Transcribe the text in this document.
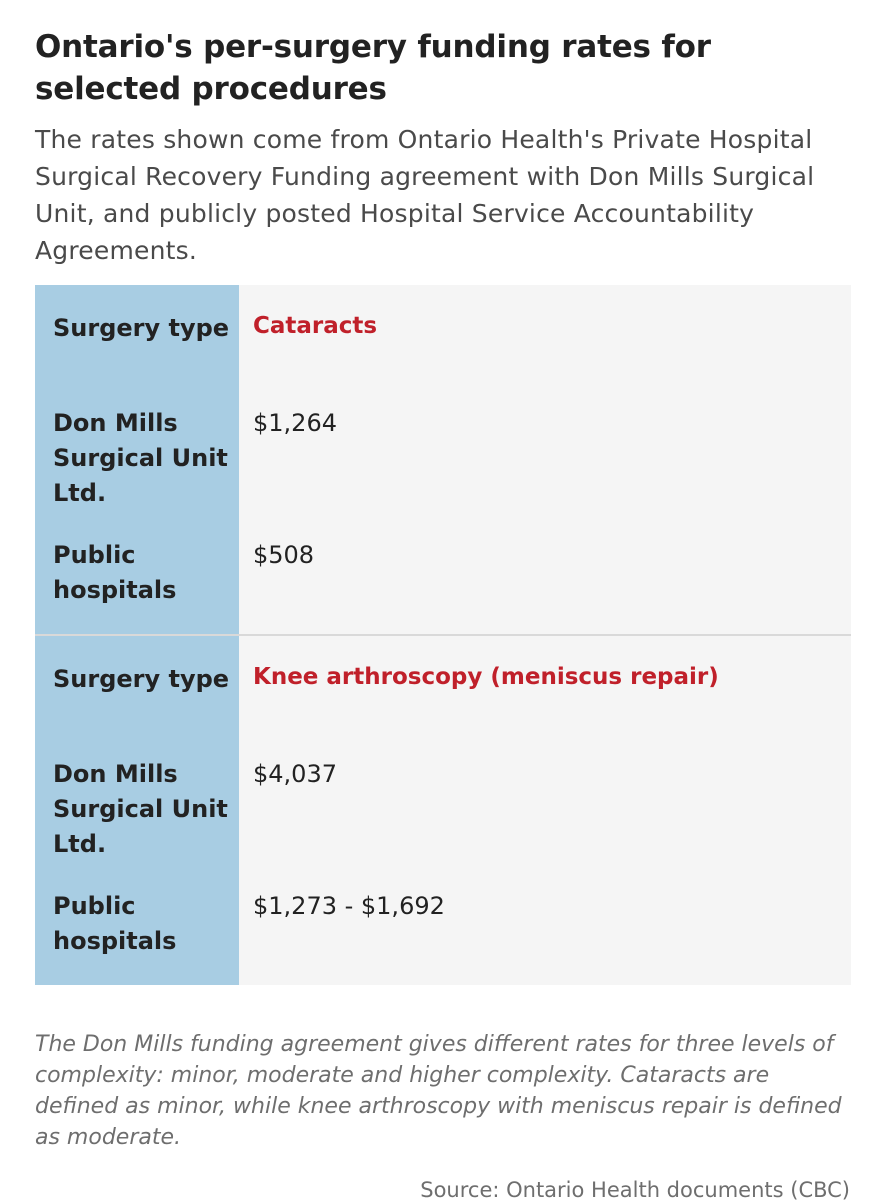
Ontario's per-surgery funding rates for selected procedures

The rates shown come from Ontario Health's Private Hospital Surgical Recovery Funding agreement with Don Mills Surgical Unit, and publicly posted Hospital Service Accountability Agreements.

Surgery type
Don Mills Surgical Unit Ltd.
Public hospitals
Cataracts
$1,264
$508
Surgery type
Don Mills Surgical Unit Ltd.
Public hospitals
Knee arthroscopy (meniscus repair)
$4,037
$1,273 - $1,692
The Don Mills funding agreement gives different rates for three levels of complexity: minor, moderate and higher complexity. Cataracts are defined as minor, while knee arthroscopy with meniscus repair is defined as moderate.
Source: Ontario Health documents (CBC)
